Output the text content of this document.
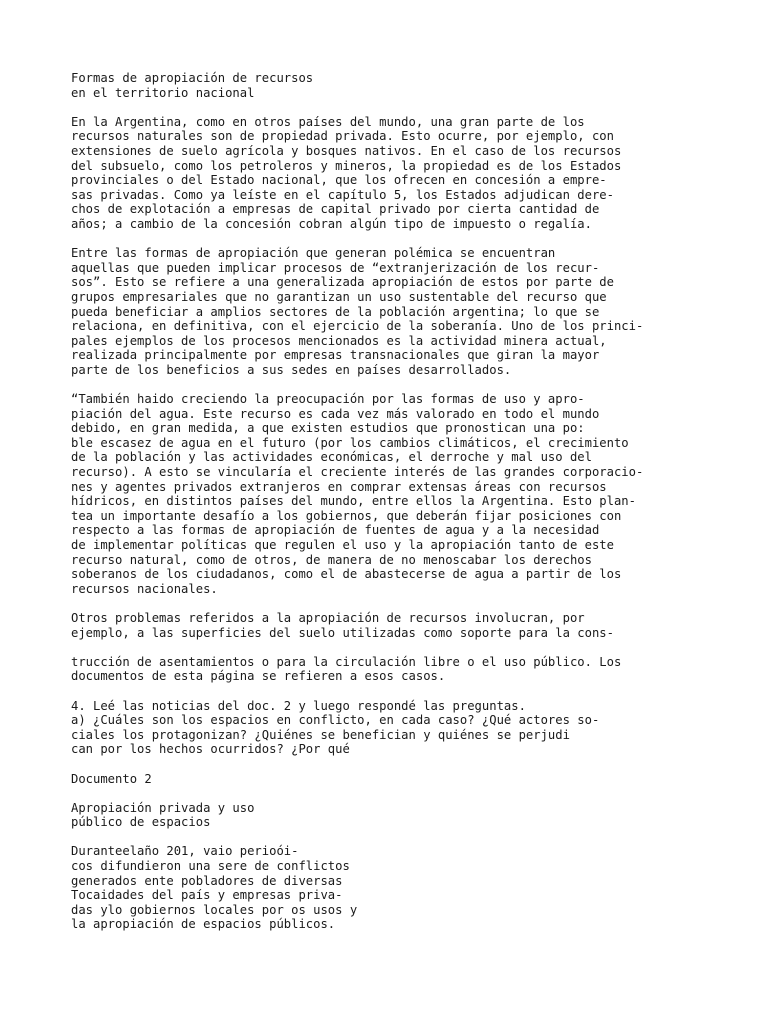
Formas de apropiación de recursos
en el territorio nacional
En la Argentina, como en otros países del mundo, una gran parte de los
recursos naturales son de propiedad privada. Esto ocurre, por ejemplo, con
extensiones de suelo agrícola y bosques nativos. En el caso de los recursos
del subsuelo, como los petroleros y mineros, la propiedad es de los Estados
provinciales o del Estado nacional, que los ofrecen en concesión a empre-
sas privadas. Como ya leíste en el capítulo 5, los Estados adjudican dere-
chos de explotación a empresas de capital privado por cierta cantidad de
años; a cambio de la concesión cobran algún tipo de impuesto o regalía.
Entre las formas de apropiación que generan polémica se encuentran
aquellas que pueden implicar procesos de “extranjerización de los recur-
sos”. Esto se refiere a una generalizada apropiación de estos por parte de
grupos empresariales que no garantizan un uso sustentable del recurso que
pueda beneficiar a amplios sectores de la población argentina; lo que se
relaciona, en definitiva, con el ejercicio de la soberanía. Uno de los princi-
pales ejemplos de los procesos mencionados es la actividad minera actual,
realizada principalmente por empresas transnacionales que giran la mayor
parte de los beneficios a sus sedes en países desarrollados.
“También haido creciendo la preocupación por las formas de uso y apro-
piación del agua. Este recurso es cada vez más valorado en todo el mundo
debido, en gran medida, a que existen estudios que pronostican una po:
ble escasez de agua en el futuro (por los cambios climáticos, el crecimiento
de la población y las actividades económicas, el derroche y mal uso del
recurso). A esto se vincularía el creciente interés de las grandes corporacio-
nes y agentes privados extranjeros en comprar extensas áreas con recursos
hídricos, en distintos países del mundo, entre ellos la Argentina. Esto plan-
tea un importante desafío a los gobiernos, que deberán fijar posiciones con
respecto a las formas de apropiación de fuentes de agua y a la necesidad
de implementar políticas que regulen el uso y la apropiación tanto de este
recurso natural, como de otros, de manera de no menoscabar los derechos
soberanos de los ciudadanos, como el de abastecerse de agua a partir de los
recursos nacionales.
Otros problemas referidos a la apropiación de recursos involucran, por
ejemplo, a las superficies del suelo utilizadas como soporte para la cons-
trucción de asentamientos o para la circulación libre o el uso público. Los
documentos de esta página se refieren a esos casos.
4. Leé las noticias del doc. 2 y luego respondé las preguntas.
a) ¿Cuáles son los espacios en conflicto, en cada caso? ¿Qué actores so-
ciales los protagonizan? ¿Quiénes se benefician y quiénes se perjudi
can por los hechos ocurridos? ¿Por qué
Documento 2
Apropiación privada y uso
público de espacios
Duranteelaño 201, vaio perioói-
cos difundieron una sere de conflictos
generados ente pobladores de diversas
Tocaidades del país y empresas priva-
das ylo gobiernos locales por os usos y
la apropiación de espacios públicos.
